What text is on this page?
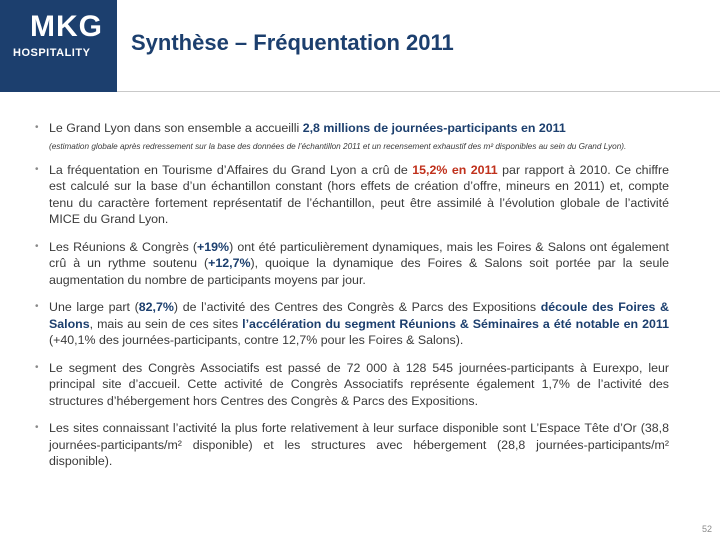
MKG
HOSPITALITY Synthèse – Fréquentation 2011
• Le Grand Lyon dans son ensemble a accueilli 2,8 millions de journées-participants en 2011
(estimation globale après redressement sur la base des données de l’échantillon 2011 et un recensement exhaustif des m² disponibles au sein du Grand Lyon).
• La fréquentation en Tourisme d’Affaires du Grand Lyon a crû de 15,2% en 2011 par rapport à 2010. Ce chiffre est calculé sur la base d’un échantillon constant (hors effets de création d’offre, mineurs en 2011) et, compte tenu du caractère fortement représentatif de l’échantillon, peut être assimilé à l’évolution globale de l’activité MICE du Grand Lyon.
• Les Réunions & Congrès (+19%) ont été particulièrement dynamiques, mais les Foires & Salons ont également crû à un rythme soutenu (+12,7%), quoique la dynamique des Foires & Salons soit portée par la seule augmentation du nombre de participants moyens par jour.
• Une large part (82,7%) de l’activité des Centres des Congrès & Parcs des Expositions découle des Foires & Salons, mais au sein de ces sites l’accélération du segment Réunions & Séminaires a été notable en 2011 (+40,1% des journées-participants, contre 12,7% pour les Foires & Salons).
• Le segment des Congrès Associatifs est passé de 72 000 à 128 545 journées-participants à Eurexpo, leur principal site d’accueil. Cette activité de Congrès Associatifs représente également 1,7% de l’activité des structures d’hébergement hors Centres des Congrès & Parcs des Expositions.
• Les sites connaissant l’activité la plus forte relativement à leur surface disponible sont L’Espace Tête d’Or (38,8 journées-participants/m² disponible) et les structures avec hébergement (28,8 journées-participants/m² disponible).
52
